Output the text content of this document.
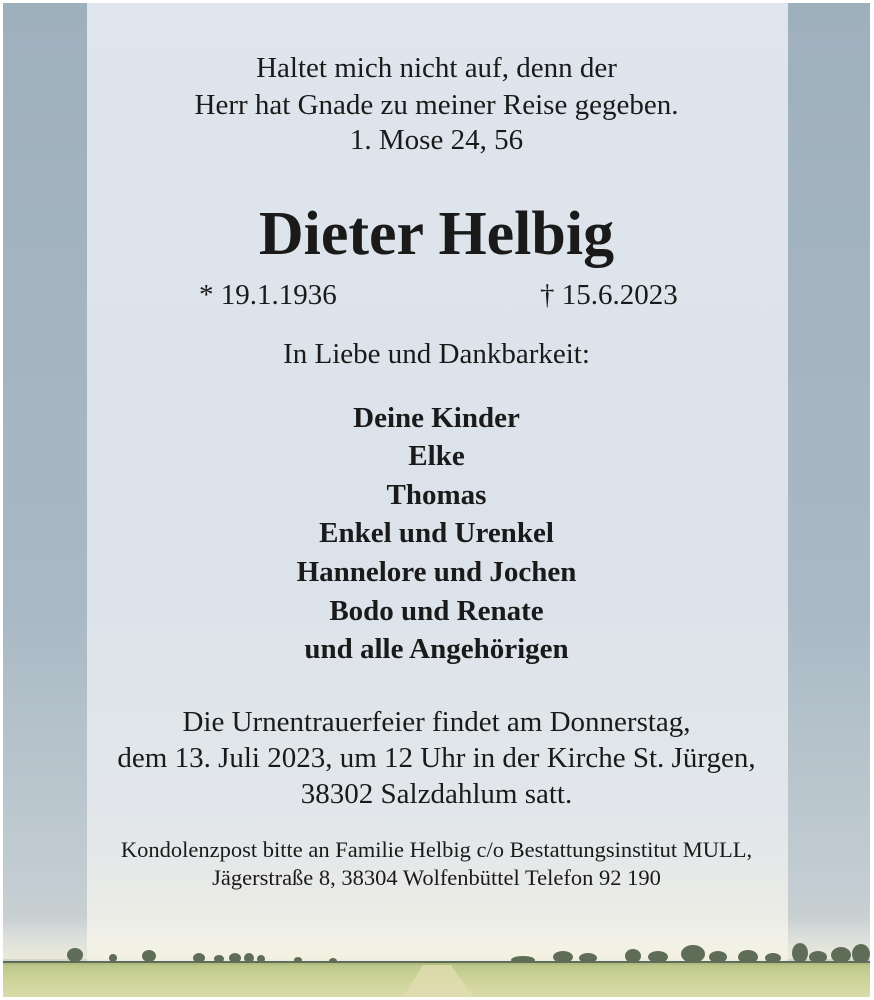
Haltet mich nicht auf, denn der
Herr hat Gnade zu meiner Reise gegeben.
1. Mose 24, 56
Dieter Helbig
* 19.1.1936	† 15.6.2023
In Liebe und Dankbarkeit:
Deine Kinder
Elke
Thomas
Enkel und Urenkel
Hannelore und Jochen
Bodo und Renate
und alle Angehörigen
Die Urnentrauerfeier findet am Donnerstag,
dem 13. Juli 2023, um 12 Uhr in der Kirche St. Jürgen,
38302 Salzdahlum satt.
Kondolenzpost bitte an Familie Helbig c/o Bestattungsinstitut MULL,
Jägerstraße 8, 38304 Wolfenbüttel Telefon 92 190
